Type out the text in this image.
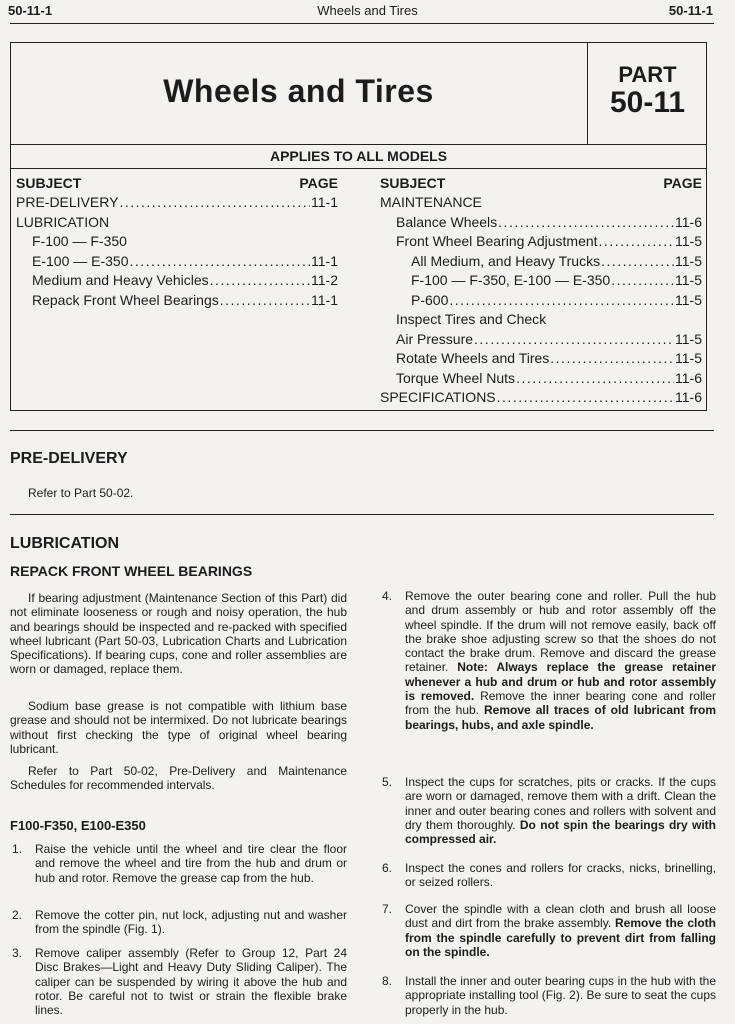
50-11-1	Wheels and Tires	50-11-1
Wheels and Tires	PART
50-11
APPLIES TO ALL MODELS
SUBJECT	PAGE
PRE-DELIVERY .....	11-1
LUBRICATION
F-100 — F-350
E-100 — E-350 .....	11-1
Medium and Heavy Vehicles .....	11-2
Repack Front Wheel Bearings .....	11-1
SUBJECT	PAGE
MAINTENANCE
Balance Wheels .....	11-6
Front Wheel Bearing Adjustment .....	11-5
All Medium, and Heavy Trucks .....	11-5
F-100 — F-350, E-100 — E-350 .....	11-5
P-600 .....	11-5
Inspect Tires and Check
Air Pressure .....	11-5
Rotate Wheels and Tires .....	11-5
Torque Wheel Nuts .....	11-6
SPECIFICATIONS .....	11-6
PRE-DELIVERY
Refer to Part 50-02.
LUBRICATION
REPACK FRONT WHEEL BEARINGS
If bearing adjustment (Maintenance Section of this Part) did not eliminate looseness or rough and noisy operation, the hub and bearings should be inspected and re-packed with specified wheel lubricant (Part 50-03, Lubrication Charts and Lubrication Specifications). If bearing cups, cone and roller assemblies are worn or damaged, replace them.
Sodium base grease is not compatible with lithium base grease and should not be intermixed. Do not lubricate bearings without first checking the type of original wheel bearing lubricant.
Refer to Part 50-02, Pre-Delivery and Maintenance Schedules for recommended intervals.
F100-F350, E100-E350
1. Raise the vehicle until the wheel and tire clear the floor and remove the wheel and tire from the hub and drum or hub and rotor. Remove the grease cap from the hub.
2. Remove the cotter pin, nut lock, adjusting nut and washer from the spindle (Fig. 1).
3. Remove caliper assembly (Refer to Group 12, Part 24 Disc Brakes—Light and Heavy Duty Sliding Caliper). The caliper can be suspended by wiring it above the hub and rotor. Be careful not to twist or strain the flexible brake lines.
4. Remove the outer bearing cone and roller. Pull the hub and drum assembly or hub and rotor assembly off the wheel spindle. If the drum will not remove easily, back off the brake shoe adjusting screw so that the shoes do not contact the brake drum. Remove and discard the grease retainer. Note: Always replace the grease retainer whenever a hub and drum or hub and rotor assembly is removed. Remove the inner bearing cone and roller from the hub. Remove all traces of old lubricant from bearings, hubs, and axle spindle.
5. Inspect the cups for scratches, pits or cracks. If the cups are worn or damaged, remove them with a drift. Clean the inner and outer bearing cones and rollers with solvent and dry them thoroughly. Do not spin the bearings dry with compressed air.
6. Inspect the cones and rollers for cracks, nicks, brinelling, or seized rollers.
7. Cover the spindle with a clean cloth and brush all loose dust and dirt from the brake assembly. Remove the cloth from the spindle carefully to prevent dirt from falling on the spindle.
8. Install the inner and outer bearing cups in the hub with the appropriate installing tool (Fig. 2). Be sure to seat the cups properly in the hub.
